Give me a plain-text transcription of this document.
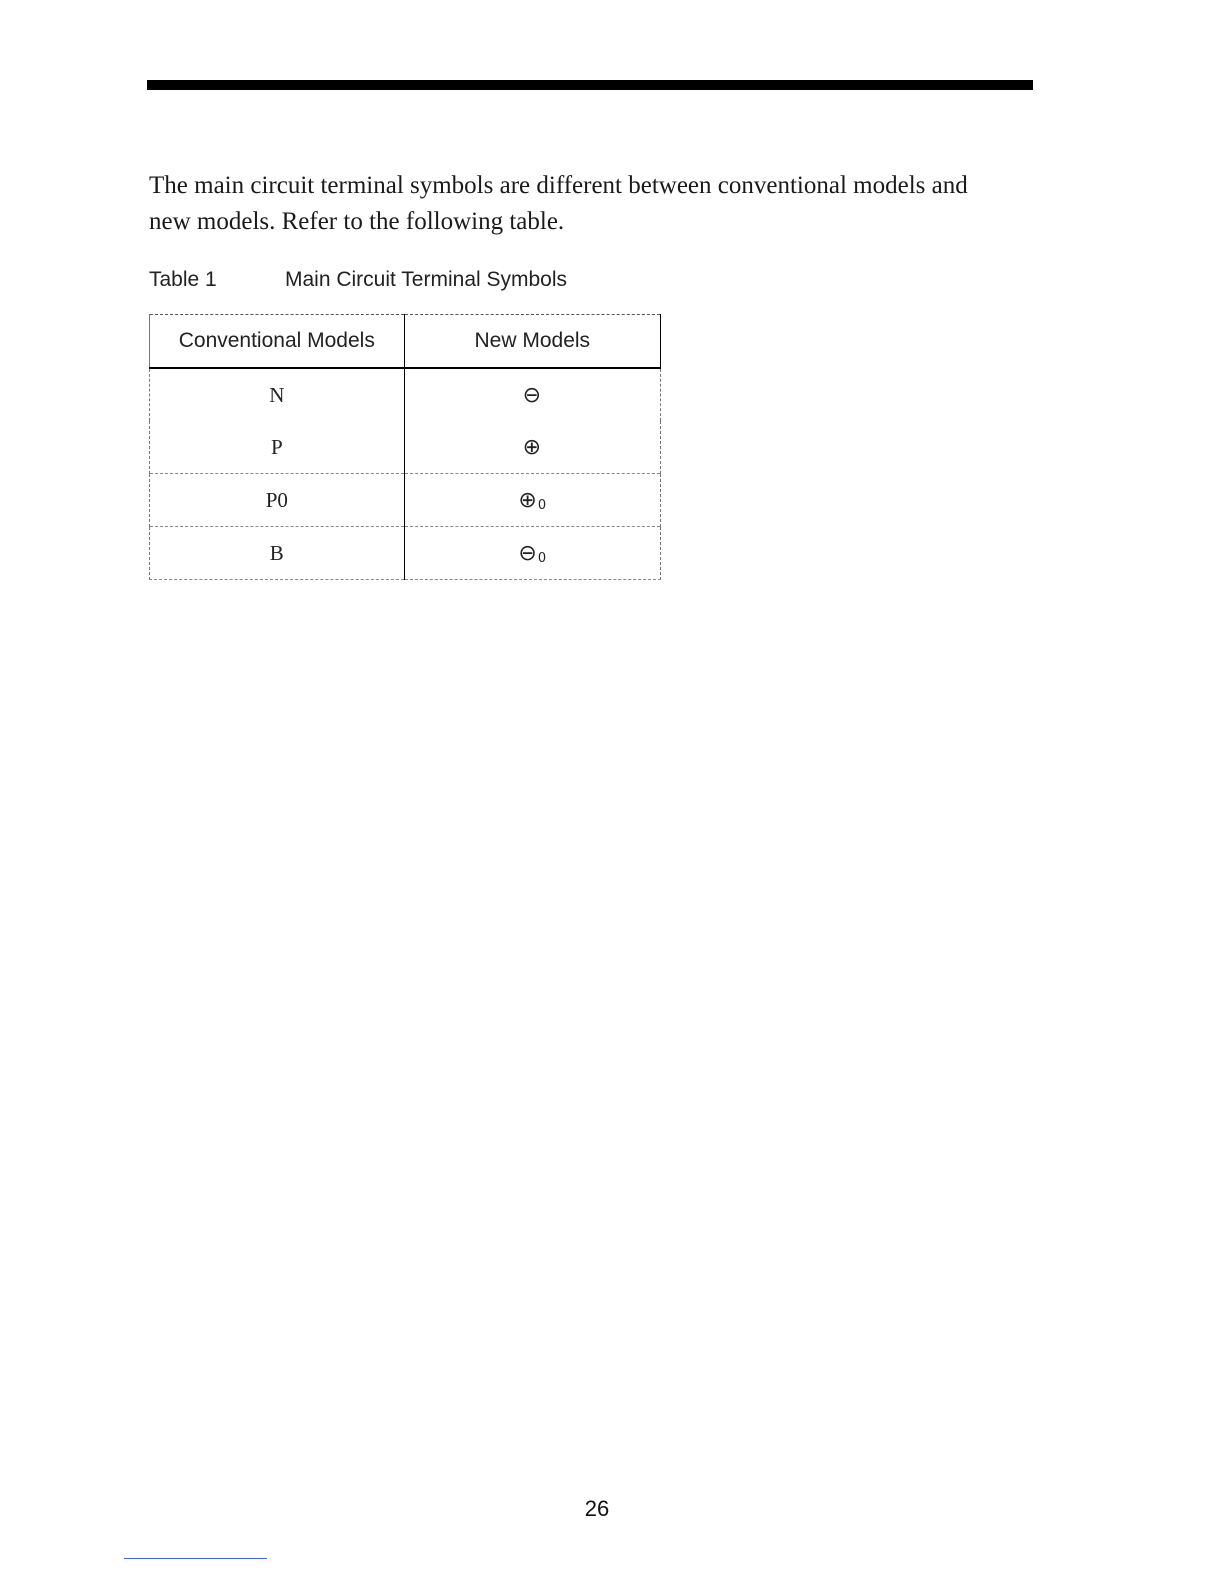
The main circuit terminal symbols are different between conventional models and
new models. Refer to the following table.
Table 1	Main Circuit Terminal Symbols
Conventional Models	New Models
N	⊖

P	⊕

P0	⊕ 0

B	⊖ 0
26
